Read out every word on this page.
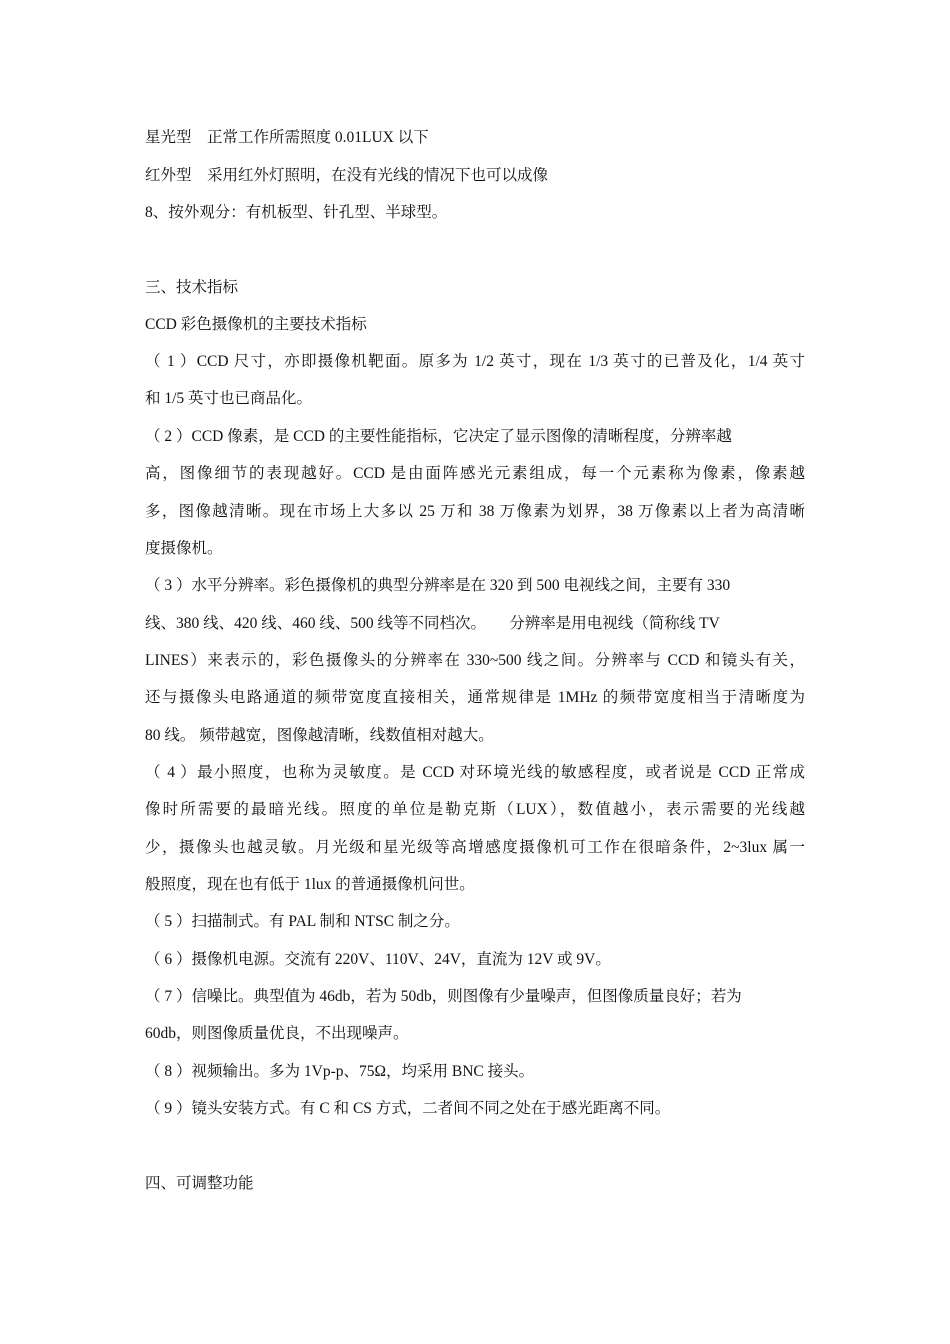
星光型　正常工作所需照度 0.01LUX 以下
红外型　采用红外灯照明，在没有光线的情况下也可以成像
8、按外观分：有机板型、针孔型、半球型。
三、技术指标
CCD 彩色摄像机的主要技术指标
（ 1 ）CCD 尺寸，亦即摄像机靶面。原多为 1/2 英寸，现在 1/3 英寸的已普及化，1/4 英寸
和 1/5 英寸也已商品化。
（ 2 ）CCD 像素，是 CCD 的主要性能指标，它决定了显示图像的清晰程度，分辨率越
高，图像细节的表现越好。CCD 是由面阵感光元素组成，每一个元素称为像素，像素越
多，图像越清晰。现在市场上大多以 25 万和 38 万像素为划界，38 万像素以上者为高清晰
度摄像机。
（ 3 ）水平分辨率。彩色摄像机的典型分辨率是在 320 到 500 电视线之间，主要有 330
线、380 线、420 线、460 线、500 线等不同档次。　　分辨率是用电视线（简称线 TV
LINES）来表示的，彩色摄像头的分辨率在 330~500 线之间。分辨率与 CCD 和镜头有关，
还与摄像头电路通道的频带宽度直接相关，通常规律是 1MHz 的频带宽度相当于清晰度为
80 线。 频带越宽，图像越清晰，线数值相对越大。
（ 4 ）最小照度，也称为灵敏度。是 CCD 对环境光线的敏感程度，或者说是 CCD 正常成
像时所需要的最暗光线。照度的单位是勒克斯（LUX），数值越小，表示需要的光线越
少，摄像头也越灵敏。月光级和星光级等高增感度摄像机可工作在很暗条件，2~3lux 属一
般照度，现在也有低于 1lux 的普通摄像机问世。
（ 5 ）扫描制式。有 PAL 制和 NTSC 制之分。
（ 6 ）摄像机电源。交流有 220V、110V、24V，直流为 12V 或 9V。
（ 7 ）信噪比。典型值为 46db，若为 50db，则图像有少量噪声，但图像质量良好；若为
60db，则图像质量优良，不出现噪声。
（ 8 ）视频输出。多为 1Vp-p、75Ω，均采用 BNC 接头。
（ 9 ）镜头安装方式。有 C 和 CS 方式，二者间不同之处在于感光距离不同。
四、可调整功能
